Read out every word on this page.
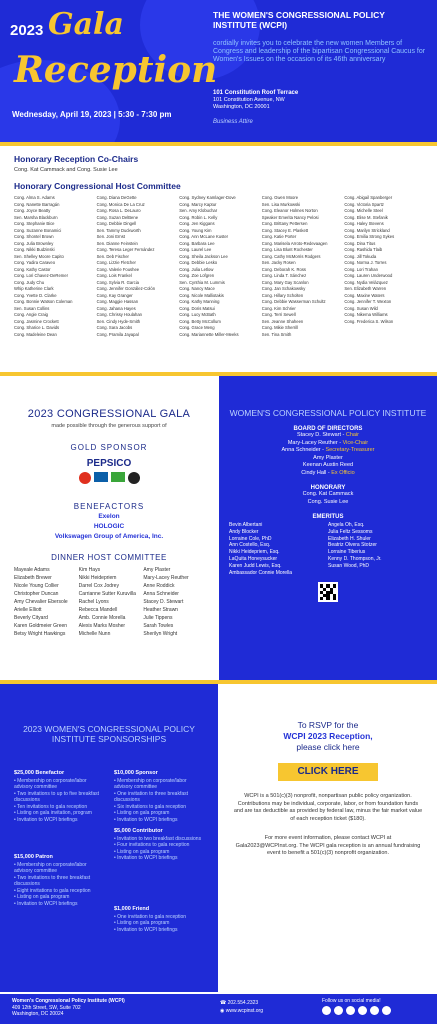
2023 Gala
Reception
Wednesday, April 19, 2023 | 5:30 - 7:30 pm
THE WOMEN'S CONGRESSIONAL POLICY INSTITUTE (WCPI)
cordially invites you to celebrate the new women Members of Congress and leadership of the bipartisan Congressional Caucus for Women's Issues on the occasion of its 46th anniversary
101 Constitution Roof Terrace
101 Constitution Avenue, NW
Washington, DC 20001
Business Attire
Honorary Reception Co-Chairs
Cong. Kat Cammack and Cong. Susie Lee
Honorary Congressional Host Committee
Cong. Alma S. Adams
Cong. Nanette Barragán
Cong. Joyce Beatty
Sen. Marsha Blackburn
Cong. Stephanie Bice
Cong. Suzanne Bonamici
Cong. Shontel Brown
Cong. Julia Brownley
Cong. Nikki Budzinski
Sen. Shelley Moore Capito
Cong. Yadira Caraveo
Cong. Kathy Castor
Cong. Lori Chavez-DeRemer
Cong. Judy Chu
Whip Katherine Clark
Cong. Yvette D. Clarke
Cong. Bonnie Watson Coleman
Sen. Susan Collins
Cong. Angie Craig
Cong. Jasmine Crockett
Cong. Sharice L. Davids
Cong. Madeleine Dean
Cong. Diana DeGette
Cong. Monica De La Cruz
Cong. Rosa L. DeLauro
Cong. Suzan DelBene
Cong. Debbie Dingell
Sen. Tammy Duckworth
Sen. Joni Ernst
Sen. Dianne Feinstein
Cong. Teresa Leger Fernández
Sen. Deb Fischer
Cong. Lizzie Fletcher
Cong. Valerie Foushee
Cong. Lois Frankel
Cong. Sylvia R. Garcia
Cong. Jennifer González-Colón
Cong. Kay Granger
Cong. Maggie Hassan
Cong. Jahana Hayes
Cong. Chrissy Houlahan
Sen. Cindy Hyde-Smith
Cong. Sara Jacobs
Cong. Pramila Jayapal
Cong. Sydney Kamlager-Dove
Cong. Marcy Kaptur
Sen. Amy Klobuchar
Cong. Robin L. Kelly
Cong. Jen Kiggans
Cong. Young Kim
Cong. Ann McLane Kuster
Cong. Barbara Lee
Cong. Laurel Lee
Cong. Sheila Jackson Lee
Cong. Debbie Lesko
Cong. Julia Letlow
Cong. Zoe Lofgren
Sen. Cynthia M. Lummis
Cong. Nancy Mace
Cong. Nicole Malliotakis
Cong. Kathy Manning
Cong. Doris Matsui
Cong. Lucy McBath
Cong. Betty McCollum
Cong. Grace Meng
Cong. Mariannette Miller-Meeks
Cong. Gwen Moore
Sen. Lisa Murkowski
Cong. Eleanor Holmes Norton
Speaker Emerita Nancy Pelosi
Cong. Brittany Pettersen
Cong. Stacey E. Plaskett
Cong. Katie Porter
Cong. Marisela Arroto-Redevaagen
Cong. Lisa Blunt Rochester
Cong. Cathy McMorris Rodgers
Sen. Jacky Rosen
Cong. Deborah K. Ross
Cong. Linda T. Sánchez
Cong. Mary Gay Scanlon
Cong. Jan Schakowsky
Cong. Hillary Scholten
Cong. Debbie Wasserman Schultz
Cong. Kim Schrier
Cong. Terri Sewell
Sen. Jeanne Shaheen
Cong. Mikie Sherrill
Sen. Tina Smith
Cong. Abigail Spanberger
Cong. Victoria Spartz
Cong. Michelle Steel
Cong. Elise M. Stefanik
Cong. Haley Stevens
Cong. Marilyn Strickland
Cong. Emilia Strong Sykes
Cong. Dina Titus
Cong. Rashida Tlaib
Cong. Jill Tokuda
Cong. Norma J. Torres
Cong. Lori Trahan
Cong. Lauren Underwood
Cong. Nydia Velázquez
Sen. Elizabeth Warren
Cong. Maxine Waters
Cong. Jennifer T. Wexton
Cong. Susan Wild
Cong. Nikema Williams
Cong. Frederica S. Wilson
2023 CONGRESSIONAL GALA
made possible through the generous support of
GOLD SPONSOR
PEPSICO
BENEFACTORS
Exelon
HOLOGIC
Volkswagen Group of America, Inc.
DINNER HOST COMMITTEE
Mayeale Adams
Elizabeth Brewer
Nicole Young Collier
Christopher Duncan
Amy Chevalier Ebersole
Arielle Elliott
Beverly Cityard
Karen Goldmeier Green
Betsy Wright Hawkings
Kim Hays
Nikki Heidepriem
Darrel Cox Jodrey
Carrianne Sutter Kuruvilla
Rachel Lyons
Rebecca Mandell
Amb. Connie Morella
Alexis Marks Mosher
Michelle Nunn
Amy Plaster
Mary-Lacey Reuther
Anne Roddick
Anna Schneider
Stacey D. Stewart
Heather Strawn
Julie Tippens
Sarah Towles
Sherilyn Wright
WOMEN'S CONGRESSIONAL POLICY INSTITUTE
BOARD OF DIRECTORS
Stacey D. Stewart - Chair
Mary-Lacey Reuther - Vice-Chair
Anna Schneider - Secretary-Treasurer
Amy Plaster
Keenan Austin Reed
Cindy Hall - Ex Officio
HONORARY
Cong. Kat Cammack
Cong. Susie Lee
EMERITUS
Bevin Albertani
Andy Blocker
Lorraine Cole, PhD
Ann Costello, Esq.
Nikki Heidepriem, Esq.
LaQuita Honeysucker
Karen Judd Lewis, Esq.
Ambassador Connie Morella
Angela Oh, Esq.
Julia Feltz Sessoms
Elizabeth H. Shuler
Beatriz Olvera Stotzer
Lorraine Tiberius
Kenny D. Thompson, Jr.
Susan Wood, PhD
2023 WOMEN'S CONGRESSIONAL POLICY INSTITUTE SPONSORSHIPS
$25,000 Benefactor
• Membership on corporate/labor advisory committee
• Two invitations to up to five breakfast discussions
• Ten invitations to gala reception
• Listing on gala invitation, program
• Invitation to WCPI briefings
$10,000 Sponsor
• Membership on corporate/labor advisory committee
• One invitation to three breakfast discussions
• Six invitations to gala reception
• Listing on gala program
• Invitation to WCPI briefings
$15,000 Patron
• Membership on corporate/labor advisory committee
• Two invitations to three breakfast discussions
• Eight invitations to gala reception
• Listing on gala program
• Invitation to WCPI briefings
$5,000 Contributor
• Invitation to two breakfast discussions
• Four invitations to gala reception
• Listing on gala program
• Invitation to WCPI briefings
$1,000 Friend
• One invitation to gala reception
• Listing on gala program
• Invitation to WCPI briefings
To RSVP for the
WCPI 2023 Reception,
please click here
CLICK HERE

WCPI is a 501(c)(3) nonprofit, nonpartisan public policy organization. Contributions may be individual, corporate, labor, or from foundation funds and are tax deductible as provided by federal law, minus the fair market value of each reception ticket ($180).

For more event information, please contact WCPI at Gala2023@WCPInst.org. The WCPI gala reception is an annual fundraising event to benefit a 501(c)(3) nonprofit organization.

Women's Congressional Policy Institute (WCPI)
409 12th Street, SW, Suite 702
Washington, DC 20024
☎ 202.554.2323
◉ www.wcpinst.org
Follow us on social media!
